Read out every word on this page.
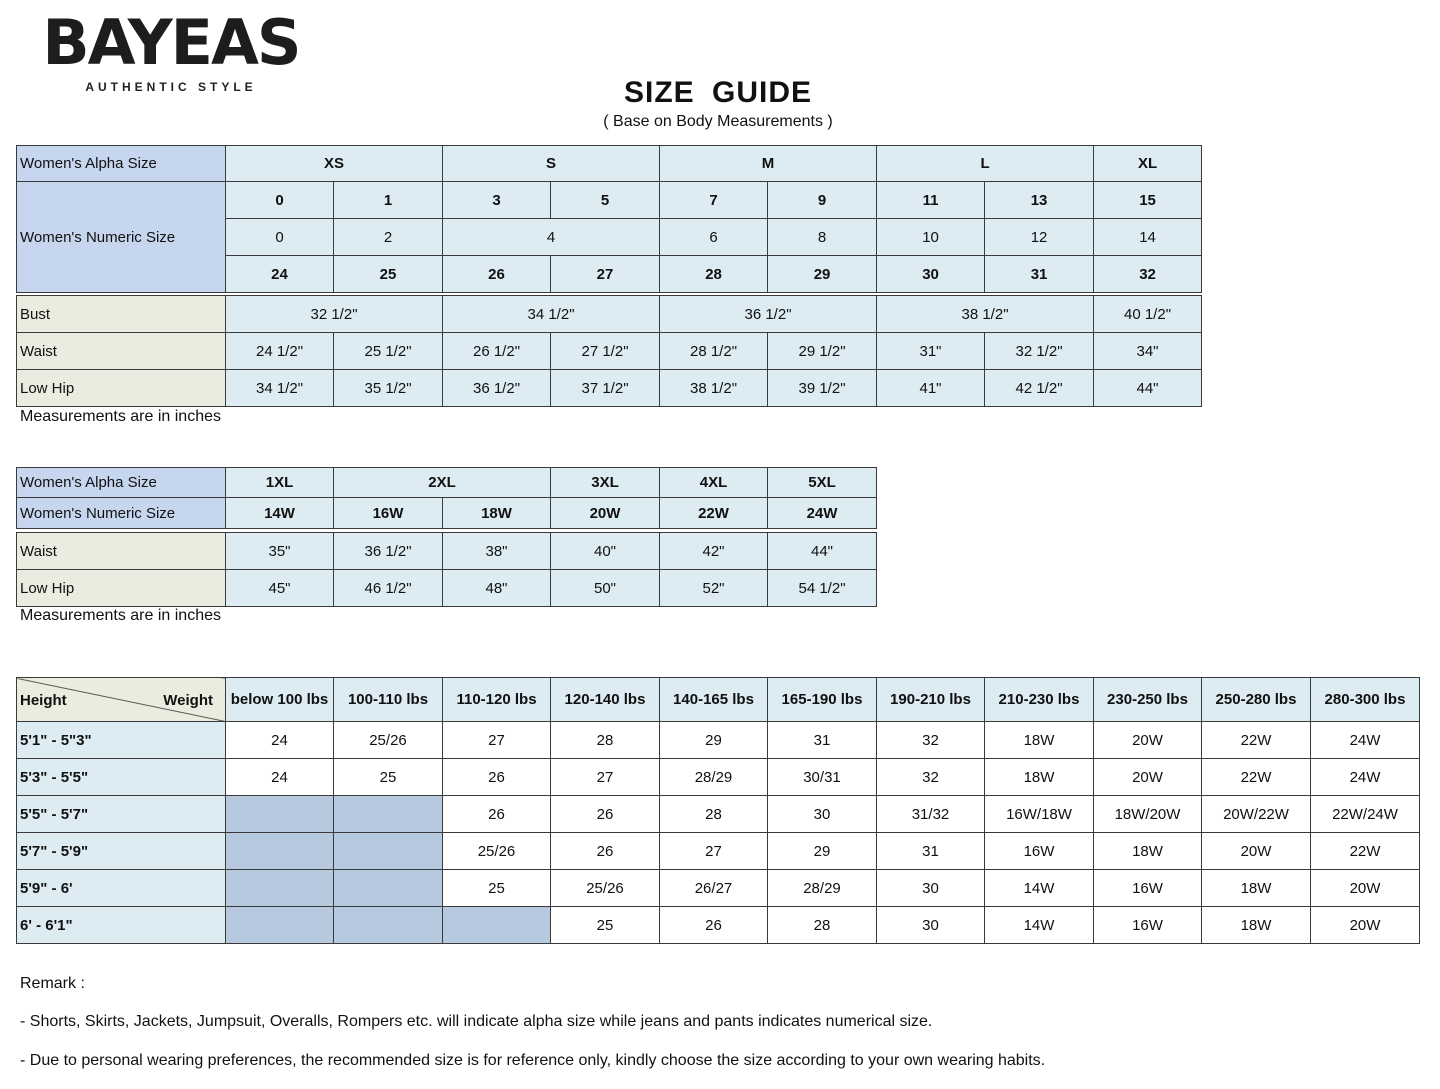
BAYEAS
AUTHENTIC STYLE	SIZE GUIDE
( Base on Body Measurements )
Women's Alpha Size	XS		S		M		L		XL
Women's Numeric Size	0	1	3	5	7	9	11	13	15
	0	2	4		6	8	10	12	14
	24	25	26	27	28	29	30	31	32
Bust	32 1/2"		34 1/2"		36 1/2"		38 1/2"		40 1/2"
Waist	24 1/2"	25 1/2"	26 1/2"	27 1/2"	28 1/2"	29 1/2"	31"	32 1/2"	34"
Low Hip	34 1/2"	35 1/2"	36 1/2"	37 1/2"	38 1/2"	39 1/2"	41"	42 1/2"	44"
Measurements are in inches
Women's Alpha Size	1XL	2XL		3XL	4XL	5XL
Women's Numeric Size	14W	16W	18W	20W	22W	24W
Waist	35"	36 1/2"	38"	40"	42"	44"
Low Hip	45"	46 1/2"	48"	50"	52"	54 1/2"
Measurements are in inches
Height Weight	below 100 lbs	100-110 lbs	110-120 lbs	120-140 lbs	140-165 lbs	165-190 lbs	190-210 lbs	210-230 lbs	230-250 lbs	250-280 lbs	280-300 lbs
5'1" - 5"3"	24	25/26	27	28	29	31	32	18W	20W	22W	24W
5'3" - 5'5"	24	25	26	27	28/29	30/31	32	18W	20W	22W	24W
5'5" - 5'7"			26	26	28	30	31/32	16W/18W	18W/20W	20W/22W	22W/24W
5'7" - 5'9"			25/26	26	27	29	31	16W	18W	20W	22W
5'9" - 6'			25	25/26	26/27	28/29	30	14W	16W	18W	20W
6' - 6'1"				25	26	28	30	14W	16W	18W	20W
Remark :
- Shorts, Skirts, Jackets, Jumpsuit, Overalls, Rompers etc. will indicate alpha size while jeans and pants indicates numerical size.
- Due to personal wearing preferences, the recommended size is for reference only, kindly choose the size according to your own wearing habits.
